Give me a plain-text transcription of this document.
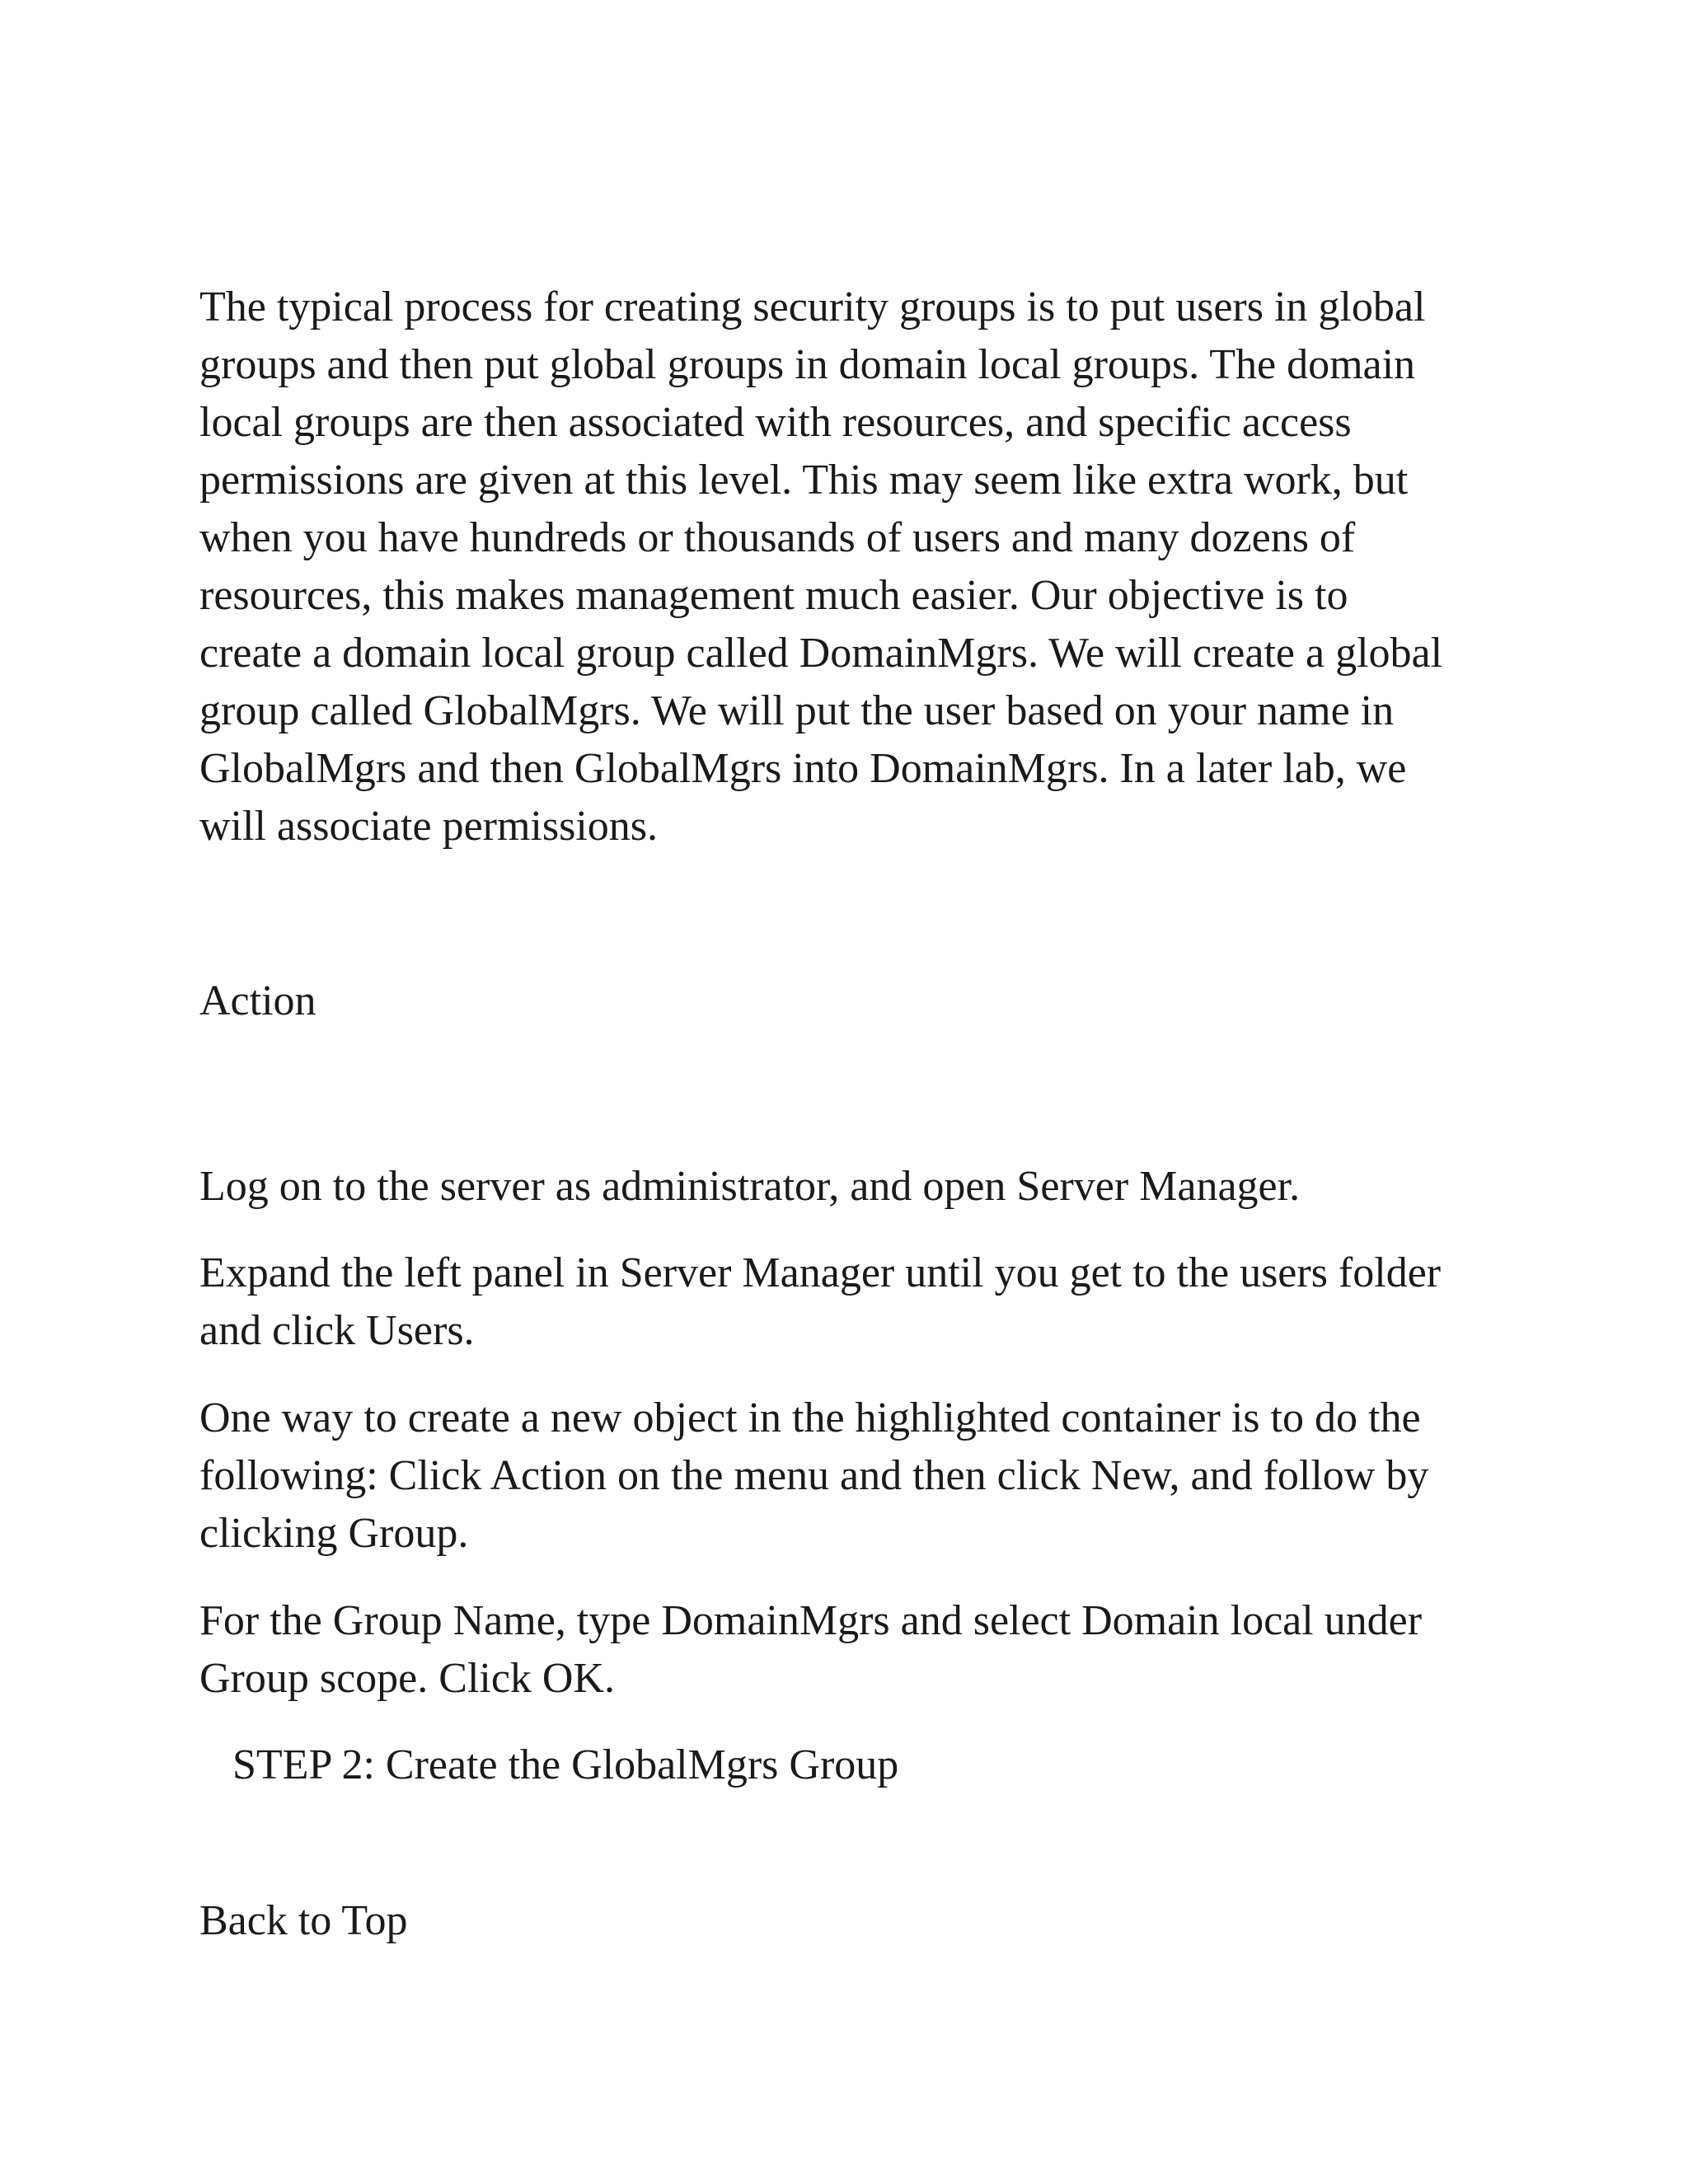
The typical process for creating security groups is to put users in global
groups and then put global groups in domain local groups. The domain
local groups are then associated with resources, and specific access
permissions are given at this level. This may seem like extra work, but
when you have hundreds or thousands of users and many dozens of
resources, this makes management much easier. Our objective is to
create a domain local group called DomainMgrs. We will create a global
group called GlobalMgrs. We will put the user based on your name in
GlobalMgrs and then GlobalMgrs into DomainMgrs. In a later lab, we
will associate permissions.

Action

Log on to the server as administrator, and open Server Manager.

Expand the left panel in Server Manager until you get to the users folder
and click Users.

One way to create a new object in the highlighted container is to do the
following: Click Action on the menu and then click New, and follow by
clicking Group.

For the Group Name, type DomainMgrs and select Domain local under
Group scope. Click OK.

STEP 2: Create the GlobalMgrs Group

Back to Top
